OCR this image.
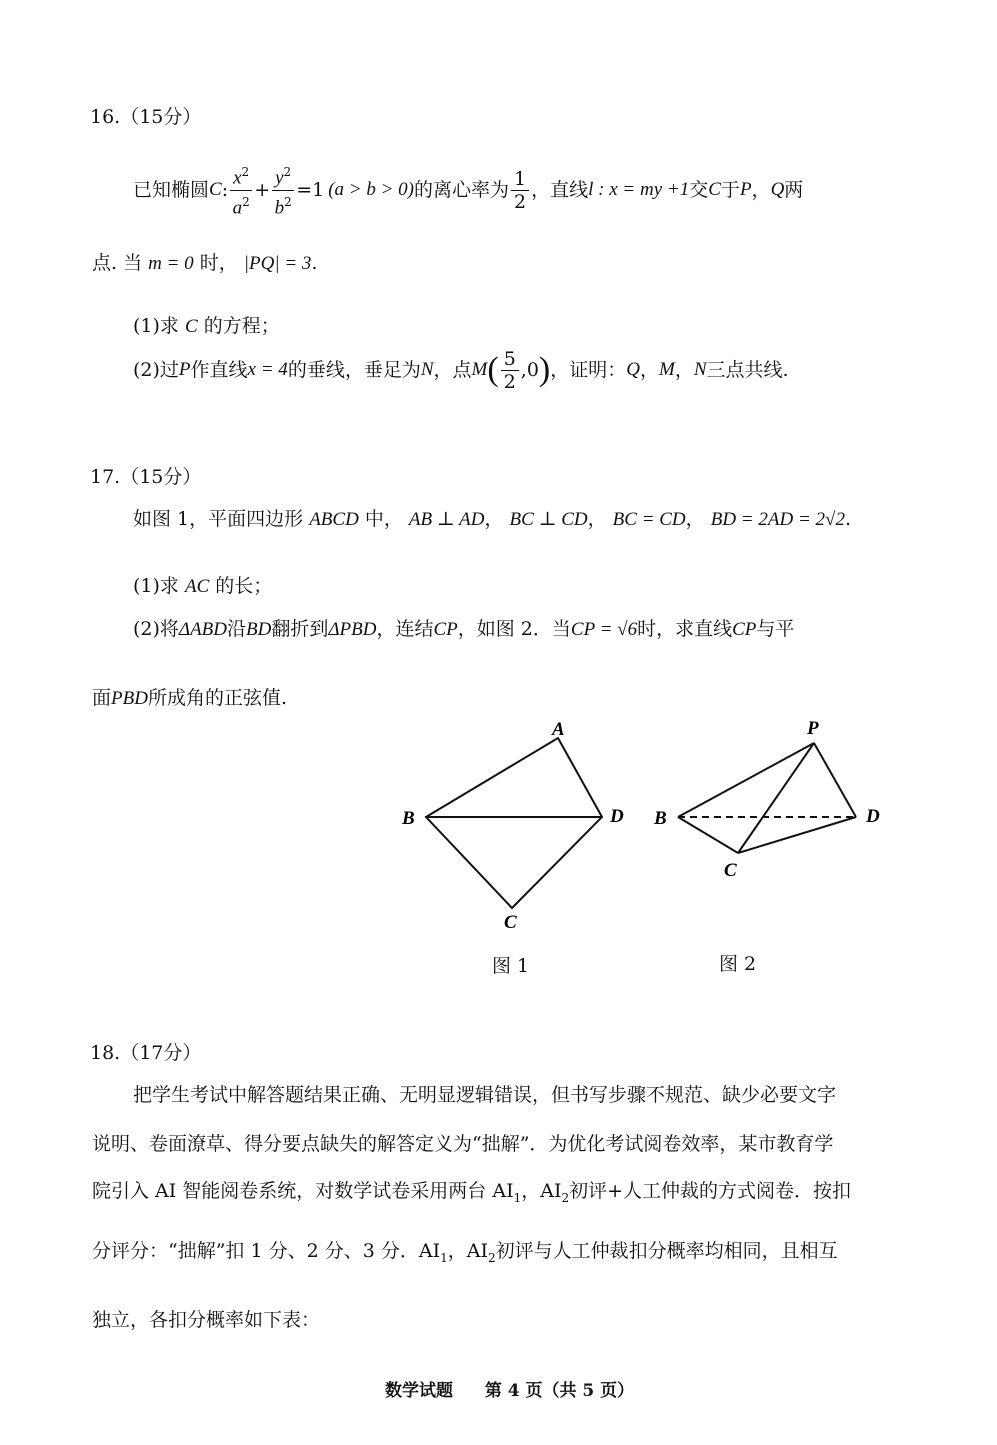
16.（15分）
已知椭圆 C : $\frac{x^2}{a^2} + \frac{y^2}{b^2} =1$ (a > b > 0) 的离心率为 $\frac{1}{2}$ ，直线 l : x = my +1 交 C 于 P ， Q 两
点. 当 m = 0 时， |PQ| = 3.
(1)求 C 的方程；
(2)过 P 作直线 x = 4 的垂线，垂足为 N ，点 M ( $\frac{5}{2} ,0$ ) ，证明： Q ， M ， N 三点共线.
17.（15分）
如图 1，平面四边形 ABCD 中， AB ⊥ AD， BC ⊥ CD， BC = CD， BD = 2AD = 2√2.
(1)求 AC 的长；
(2)将ΔABD沿BD翻折到ΔPBD，连结CP，如图 2．当CP = √6时，求直线CP与平
面PBD所成角的正弦值.
A
B	D
C
图 1
P
B	D
C
图 2
18.（17分）
把学生考试中解答题结果正确、无明显逻辑错误，但书写步骤不规范、缺少必要文字
说明、卷面潦草、得分要点缺失的解答定义为“拙解”．为优化考试阅卷效率，某市教育学
院引入 AI 智能阅卷系统，对数学试卷采用两台 $AI_1$，$AI_2$初评+人工仲裁的方式阅卷．按扣
分评分：“拙解”扣 1 分、2 分、3 分．$AI_1$，$AI_2$初评与人工仲裁扣分概率均相同，且相互
独立，各扣分概率如下表：
数学试题 第 4 页（共 5 页）
